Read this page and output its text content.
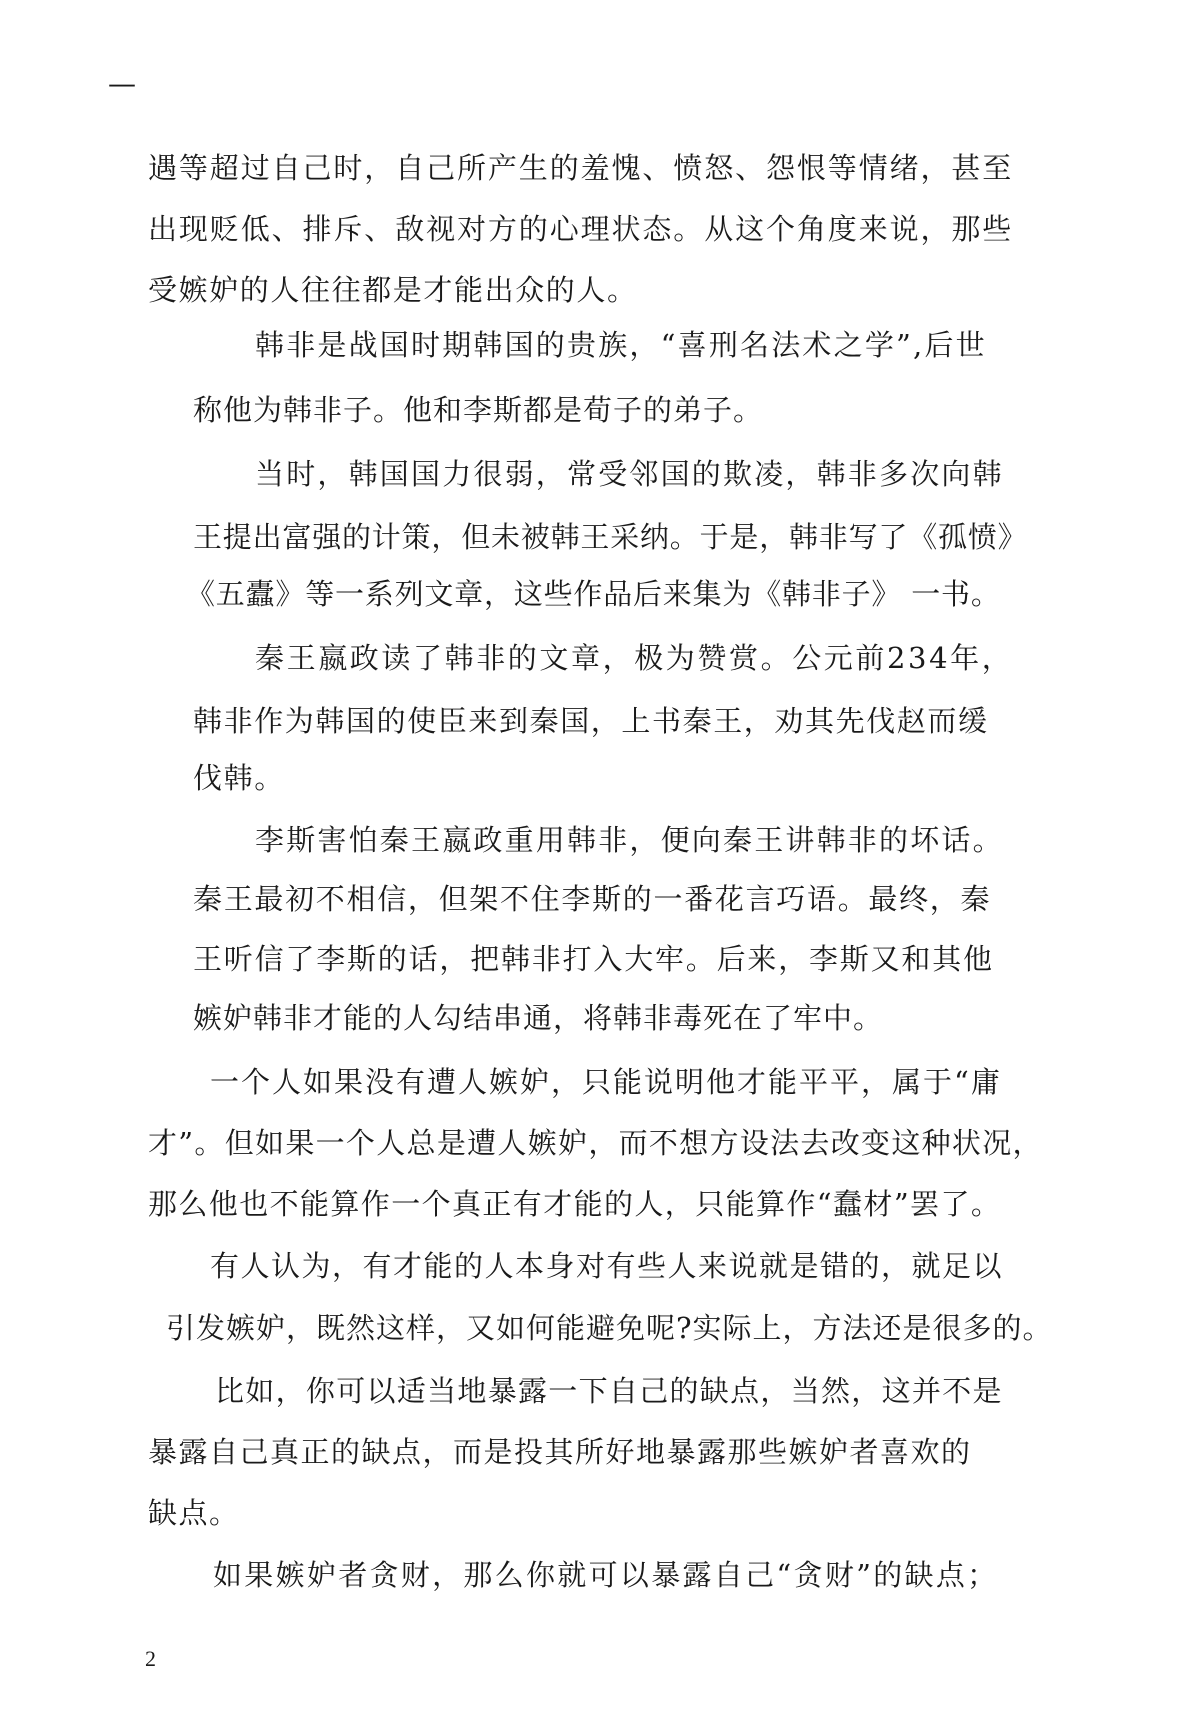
—
遇等超过自己时，自己所产生的羞愧、愤怒、怨恨等情绪，甚至
出现贬低、排斥、敌视对方的心理状态。从这个角度来说，那些
受嫉妒的人往往都是才能出众的人。
韩非是战国时期韩国的贵族，“喜刑名法术之学”,后世
称他为韩非子。他和李斯都是荀子的弟子。
当时，韩国国力很弱，常受邻国的欺凌，韩非多次向韩
王提出富强的计策，但未被韩王采纳。于是，韩非写了《孤愤》
《五蠹》等一系列文章，这些作品后来集为《韩非子》 一书。
秦王嬴政读了韩非的文章，极为赞赏。公元前234年，
韩非作为韩国的使臣来到秦国，上书秦王，劝其先伐赵而缓
伐韩。
李斯害怕秦王嬴政重用韩非，便向秦王讲韩非的坏话。
秦王最初不相信，但架不住李斯的一番花言巧语。最终，秦
王听信了李斯的话，把韩非打入大牢。后来，李斯又和其他
嫉妒韩非才能的人勾结串通，将韩非毒死在了牢中。
一个人如果没有遭人嫉妒，只能说明他才能平平，属于“庸
才”。但如果一个人总是遭人嫉妒，而不想方设法去改变这种状况，
那么他也不能算作一个真正有才能的人，只能算作“蠢材”罢了。
有人认为，有才能的人本身对有些人来说就是错的，就足以
引发嫉妒，既然这样，又如何能避免呢?实际上，方法还是很多的。
比如，你可以适当地暴露一下自己的缺点，当然，这并不是
暴露自己真正的缺点，而是投其所好地暴露那些嫉妒者喜欢的
缺点。
如果嫉妒者贪财，那么你就可以暴露自己“贪财”的缺点；
2
